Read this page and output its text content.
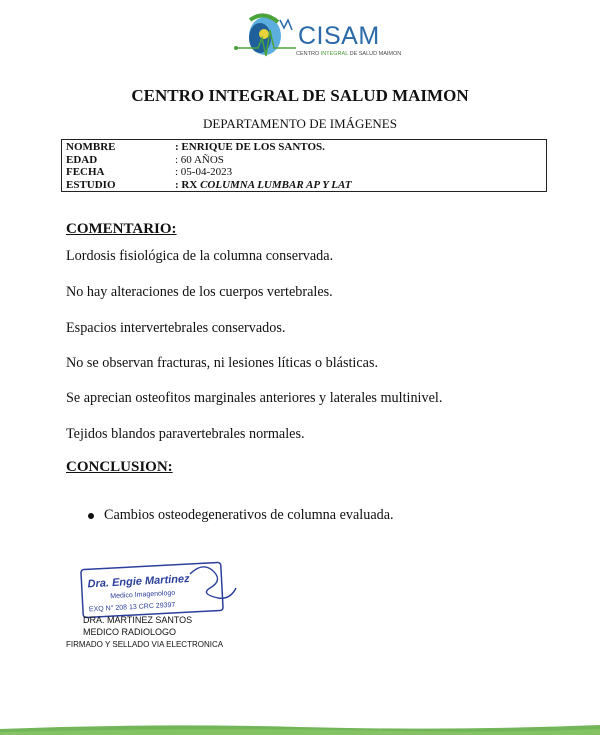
CISAM
CENTRO INTEGRAL DE SALUD MAIMON
CENTRO INTEGRAL DE SALUD MAIMON
DEPARTAMENTO DE IMÁGENES
NOMBRE	: ENRIQUE DE LOS SANTOS.
EDAD	: 60 AÑOS
FECHA	: 05-04-2023
ESTUDIO	: RX COLUMNA LUMBAR AP Y LAT
COMENTARIO:
Lordosis fisiológica de la columna conservada.
No hay alteraciones de los cuerpos vertebrales.
Espacios intervertebrales conservados.
No se observan fracturas, ni lesiones líticas o blásticas.
Se aprecian osteofitos marginales anteriores y laterales multinivel.
Tejidos blandos paravertebrales normales.
CONCLUSION:
Cambios osteodegenerativos de columna evaluada.
Dra. Engie Martinez
Medico Imagenologo
EXQ N° 208 13 CRC 29397
DRA. MARTINEZ SANTOS
MEDICO RADIOLOGO
FIRMADO Y SELLADO VIA ELECTRONICA
